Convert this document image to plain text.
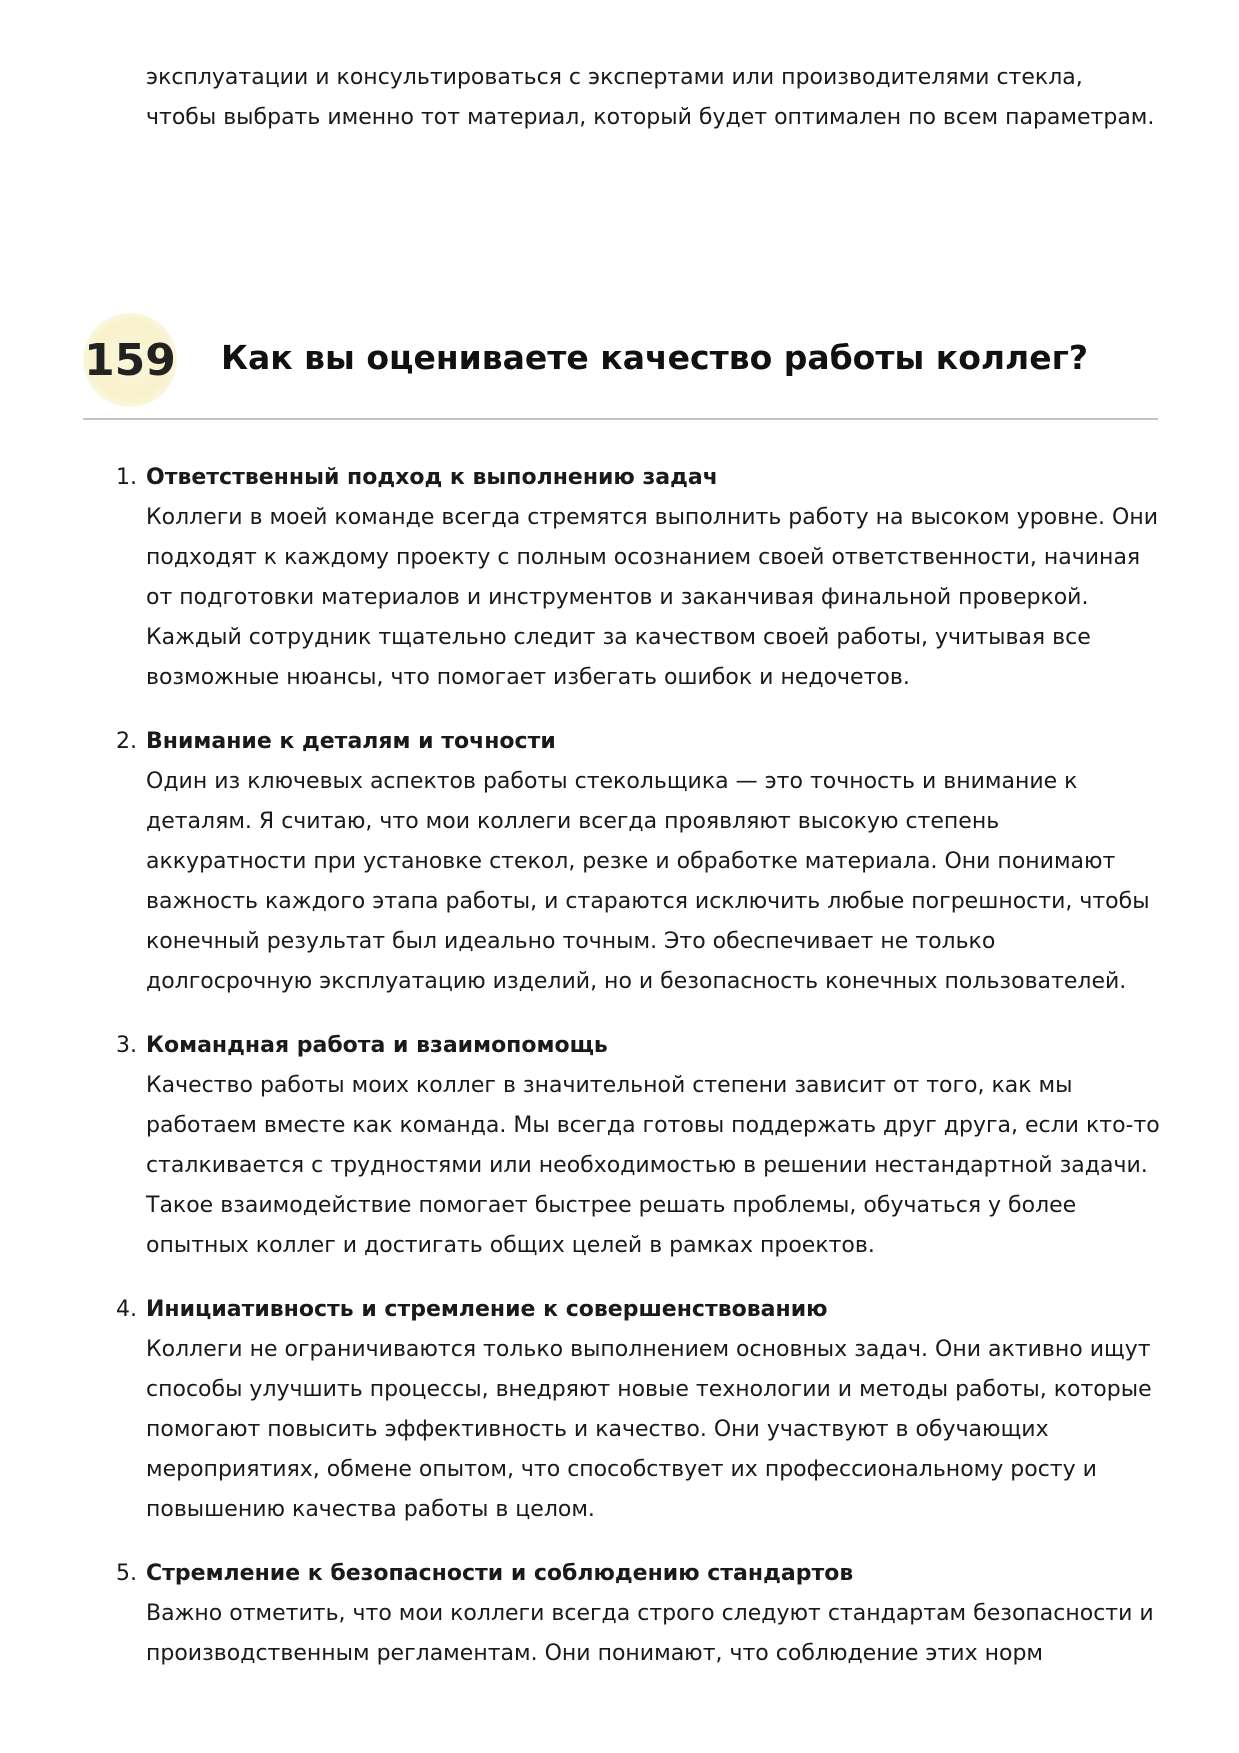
эксплуатации и консультироваться с экспертами или производителями стекла, чтобы выбрать именно тот материал, который будет оптимален по всем параметрам.

159 Как вы оцениваете качество работы коллег?
1. Ответственный подход к выполнению задач

Коллеги в моей команде всегда стремятся выполнить работу на высоком уровне. Они подходят к каждому проекту с полным осознанием своей ответственности, начиная от подготовки материалов и инструментов и заканчивая финальной проверкой. Каждый сотрудник тщательно следит за качеством своей работы, учитывая все возможные нюансы, что помогает избегать ошибок и недочетов.

2. Внимание к деталям и точности

Один из ключевых аспектов работы стекольщика — это точность и внимание к деталям. Я считаю, что мои коллеги всегда проявляют высокую степень аккуратности при установке стекол, резке и обработке материала. Они понимают важность каждого этапа работы, и стараются исключить любые погрешности, чтобы конечный результат был идеально точным. Это обеспечивает не только долгосрочную эксплуатацию изделий, но и безопасность конечных пользователей.

3. Командная работа и взаимопомощь

Качество работы моих коллег в значительной степени зависит от того, как мы работаем вместе как команда. Мы всегда готовы поддержать друг друга, если кто-то сталкивается с трудностями или необходимостью в решении нестандартной задачи. Такое взаимодействие помогает быстрее решать проблемы, обучаться у более опытных коллег и достигать общих целей в рамках проектов.

4. Инициативность и стремление к совершенствованию

Коллеги не ограничиваются только выполнением основных задач. Они активно ищут способы улучшить процессы, внедряют новые технологии и методы работы, которые помогают повысить эффективность и качество. Они участвуют в обучающих мероприятиях, обмене опытом, что способствует их профессиональному росту и повышению качества работы в целом.

5. Стремление к безопасности и соблюдению стандартов

Важно отметить, что мои коллеги всегда строго следуют стандартам безопасности и производственным регламентам. Они понимают, что соблюдение этих норм
